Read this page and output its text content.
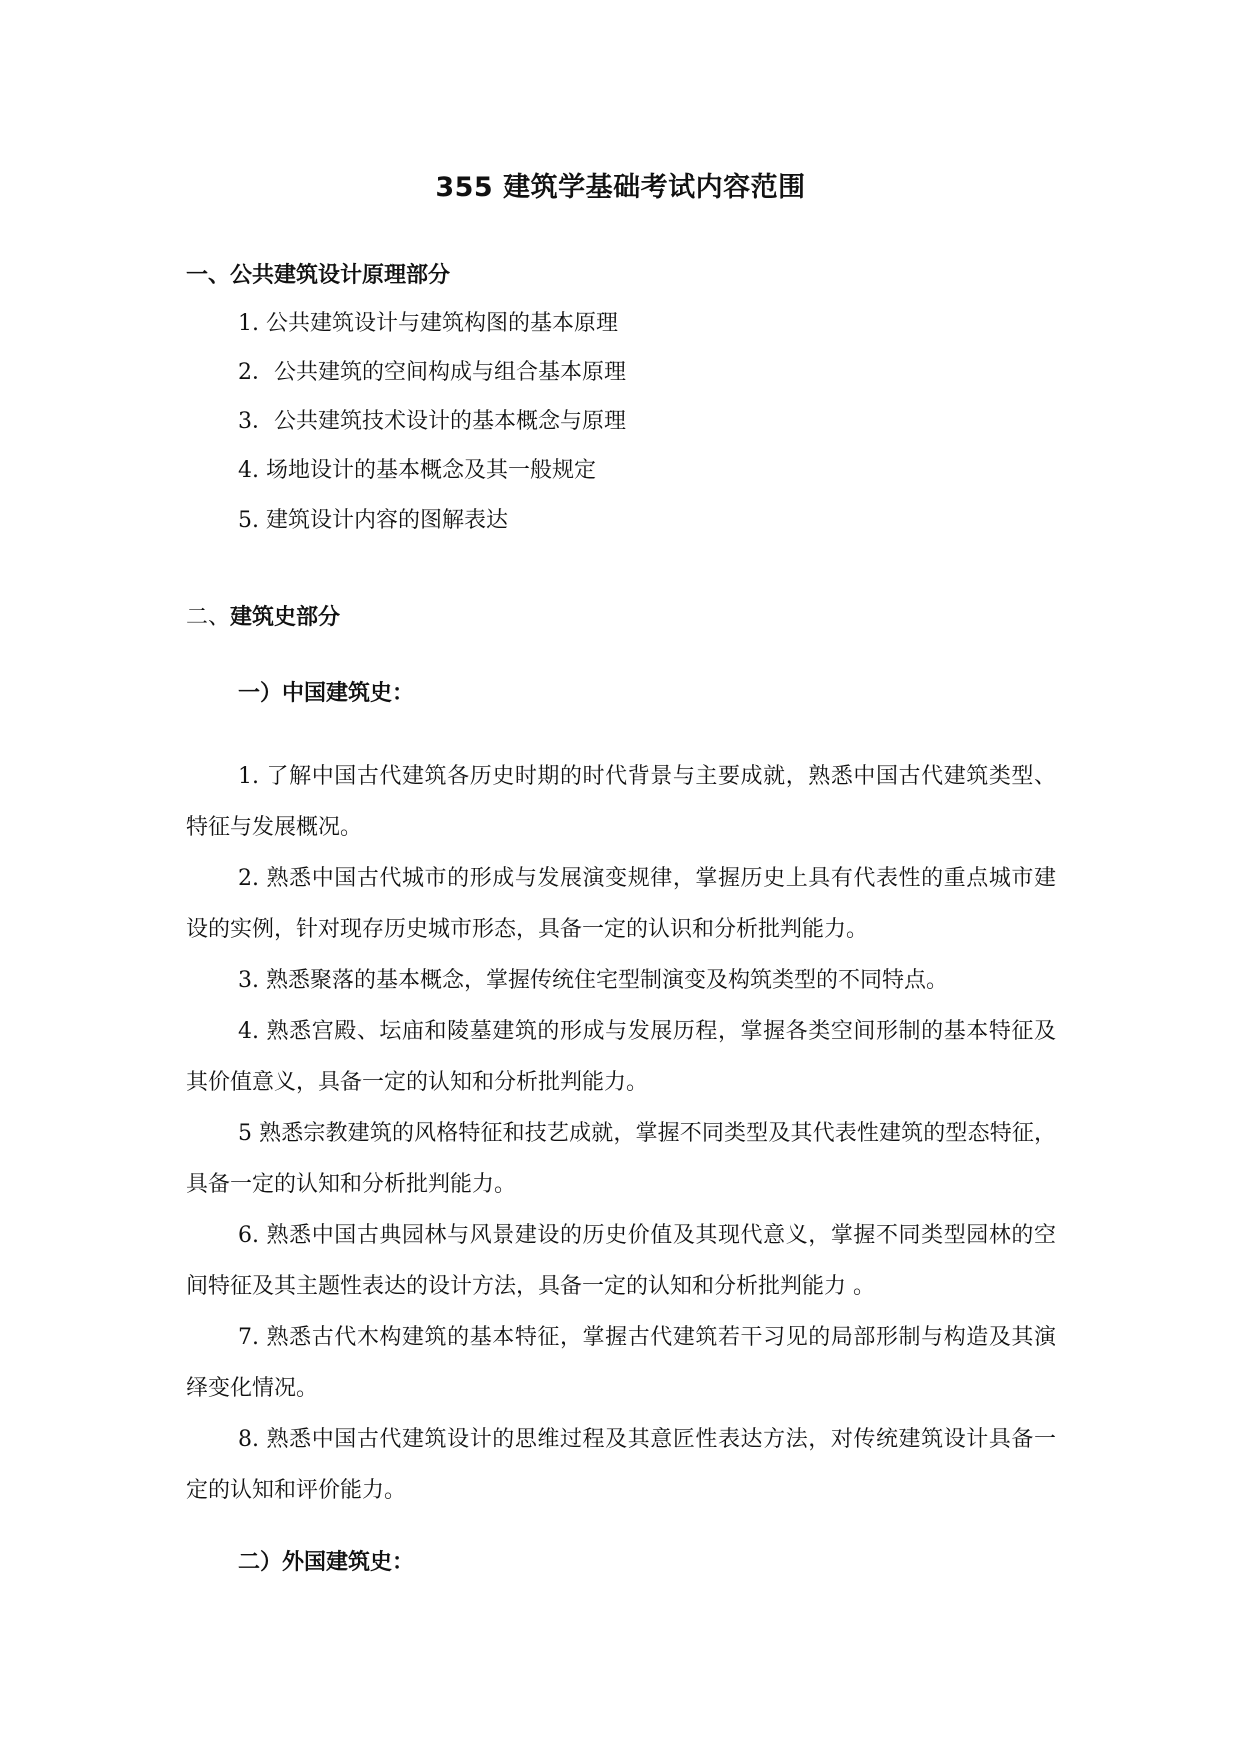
355 建筑学基础考试内容范围
一、公共建筑设计原理部分
1. 公共建筑设计与建筑构图的基本原理
2．公共建筑的空间构成与组合基本原理
3．公共建筑技术设计的基本概念与原理
4. 场地设计的基本概念及其一般规定
5. 建筑设计内容的图解表达
二、建筑史部分
一）中国建筑史：
1. 了解中国古代建筑各历史时期的时代背景与主要成就，熟悉中国古代建筑类型、特征与发展概况。
2. 熟悉中国古代城市的形成与发展演变规律，掌握历史上具有代表性的重点城市建设的实例，针对现存历史城市形态，具备一定的认识和分析批判能力。
3. 熟悉聚落的基本概念，掌握传统住宅型制演变及构筑类型的不同特点。
4. 熟悉宫殿、坛庙和陵墓建筑的形成与发展历程，掌握各类空间形制的基本特征及其价值意义，具备一定的认知和分析批判能力。
5 熟悉宗教建筑的风格特征和技艺成就，掌握不同类型及其代表性建筑的型态特征，具备一定的认知和分析批判能力。
6. 熟悉中国古典园林与风景建设的历史价值及其现代意义，掌握不同类型园林的空间特征及其主题性表达的设计方法，具备一定的认知和分析批判能力 。
7. 熟悉古代木构建筑的基本特征，掌握古代建筑若干习见的局部形制与构造及其演绎变化情况。
8. 熟悉中国古代建筑设计的思维过程及其意匠性表达方法，对传统建筑设计具备一定的认知和评价能力。
二）外国建筑史：
